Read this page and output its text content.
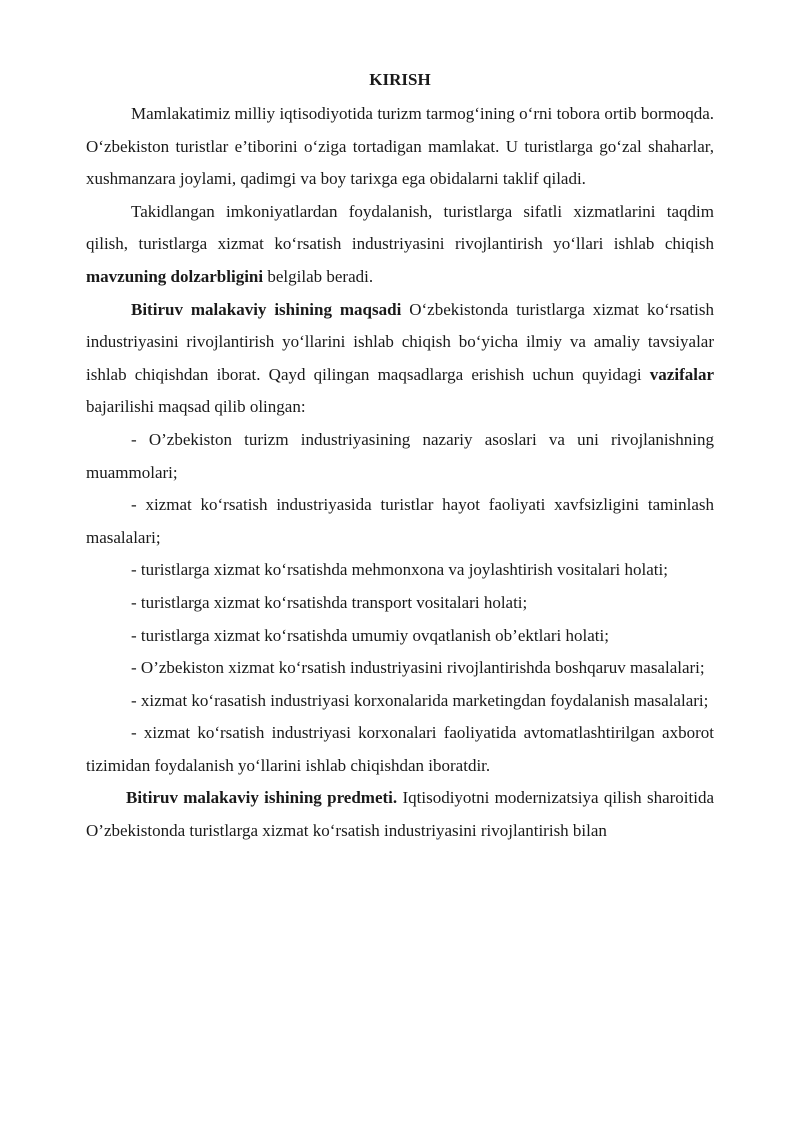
KIRISH

Mamlakatimiz milliy iqtisodiyotida turizm tarmog‘ining o‘rni tobora ortib bormoqda. O‘zbekiston turistlar e’tiborini o‘ziga tortadigan mamlakat. U turistlarga go‘zal shaharlar, xushmanzara joylami, qadimgi va boy tarixga ega obidalarni taklif qiladi.

Takidlangan imkoniyatlardan foydalanish, turistlarga sifatli xizmatlarini taqdim qilish, turistlarga xizmat ko‘rsatish industriyasini rivojlantirish yo‘llari ishlab chiqish mavzuning dolzarbligini belgilab beradi.

Bitiruv malakaviy ishining maqsadi O‘zbekistonda turistlarga xizmat ko‘rsatish industriyasini rivojlantirish yo‘llarini ishlab chiqish bo‘yicha ilmiy va amaliy tavsiyalar ishlab chiqishdan iborat. Qayd qilingan maqsadlarga erishish uchun quyidagi vazifalar bajarilishi maqsad qilib olingan:

- O’zbekiston turizm industriyasining nazariy asoslari va uni rivojlanishning muammolari;

- xizmat ko‘rsatish industriyasida turistlar hayot faoliyati xavfsizligini taminlash masalalari;

- turistlarga xizmat ko‘rsatishda mehmonxona va joylashtirish vositalari holati;

- turistlarga xizmat ko‘rsatishda transport vositalari holati;

- turistlarga xizmat ko‘rsatishda umumiy ovqatlanish ob’ektlari holati;

- O’zbekiston xizmat ko‘rsatish industriyasini rivojlantirishda boshqaruv masalalari;

- xizmat ko‘rasatish industriyasi korxonalarida marketingdan foydalanish masalalari;

- xizmat ko‘rsatish industriyasi korxonalari faoliyatida avtomatlashtirilgan axborot tizimidan foydalanish yo‘llarini ishlab chiqishdan iboratdir.

Bitiruv malakaviy ishining predmeti. Iqtisodiyotni modernizatsiya qilish sharoitida O’zbekistonda turistlarga xizmat ko‘rsatish industriyasini rivojlantirish bilan
